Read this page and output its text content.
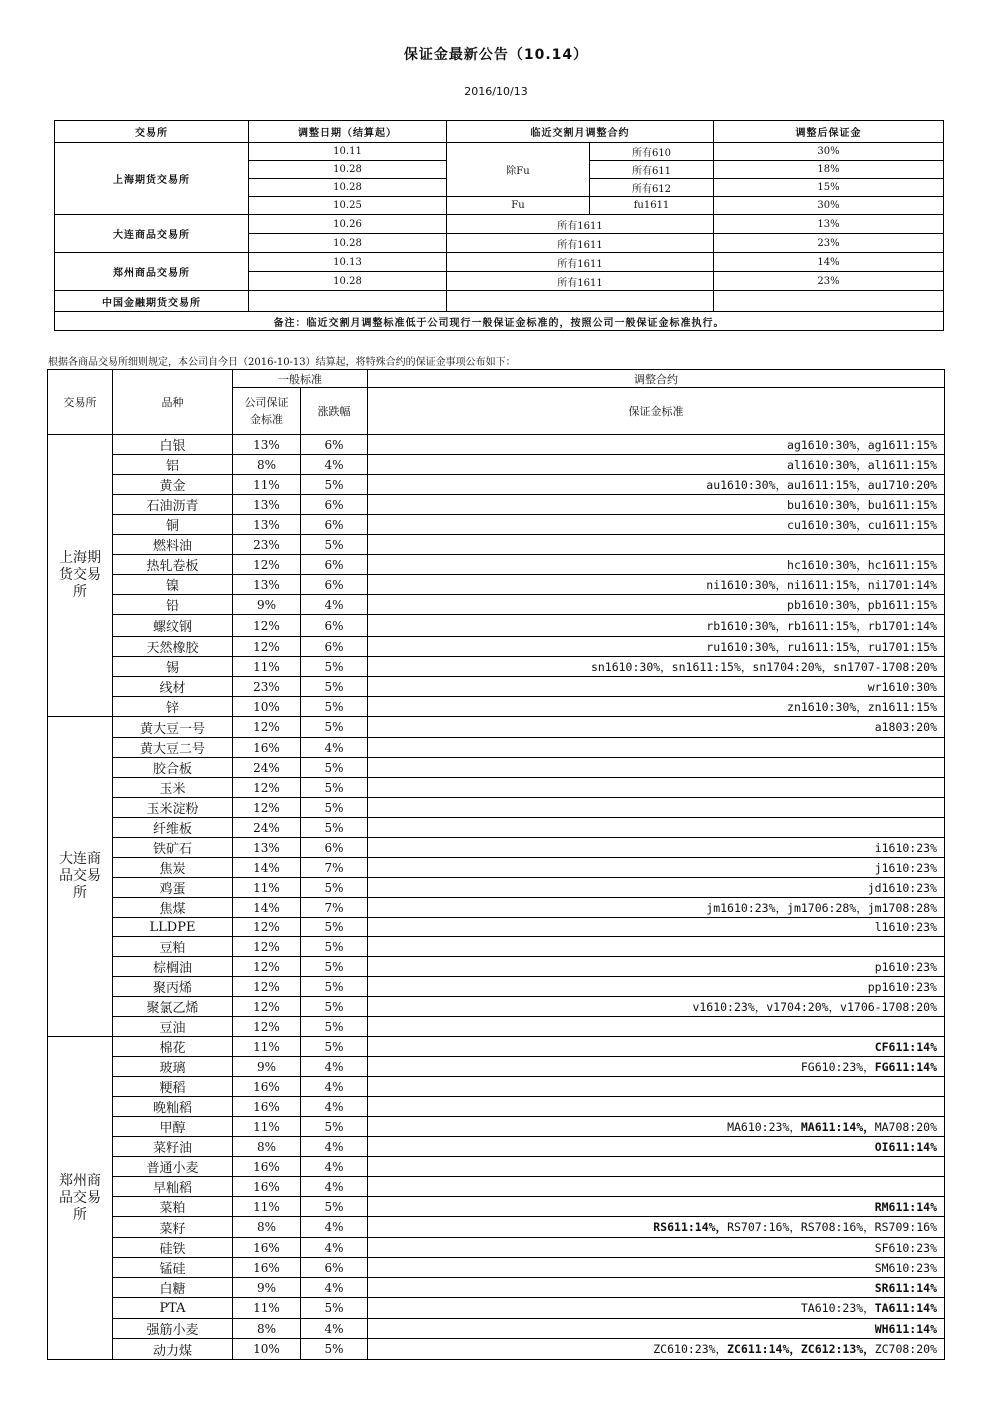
保证金最新公告（10.14）
2016/10/13
交易所	调整日期（结算起）	临近交割月调整合约		调整后保证金
上海期货交易所	10.11	除Fu	所有610	30%
	10.28		所有611	18%
	10.28		所有612	15%
	10.25	Fu	fu1611	30%
大连商品交易所	10.26	所有1611		13%
	10.28	所有1611		23%
郑州商品交易所	10.13	所有1611		14%
	10.28	所有1611		23%
中国金融期货交易所				
备注：临近交割月调整标准低于公司现行一般保证金标准的，按照公司一般保证金标准执行。				
根据各商品交易所细则规定，本公司自今日（2016-10-13）结算起，将特殊合约的保证金事项公布如下：
交易所	品种	一般标准		调整合约
		公司保证金标准	涨跌幅	保证金标准

上海期货交易所	白银	13%	6%	ag1610:30%，ag1611:15%
	铝	8%	4%	al1610:30%，al1611:15%
	黄金	11%	5%	au1610:30%，au1611:15%，au1710:20%
	石油沥青	13%	6%	bu1610:30%，bu1611:15%
	铜	13%	6%	cu1610:30%，cu1611:15%
	燃料油	23%	5%	
	热轧卷板	12%	6%	hc1610:30%，hc1611:15%
	镍	13%	6%	ni1610:30%，ni1611:15%，ni1701:14%
	铅	9%	4%	pb1610:30%，pb1611:15%
	螺纹钢	12%	6%	rb1610:30%，rb1611:15%，rb1701:14%
	天然橡胶	12%	6%	ru1610:30%，ru1611:15%，ru1701:15%
	锡	11%	5%	sn1610:30%，sn1611:15%，sn1704:20%，sn1707-1708:20%
	线材	23%	5%	wr1610:30%
	锌	10%	5%	zn1610:30%，zn1611:15%

大连商品交易所	黄大豆一号	12%	5%	a1803:20%
	黄大豆二号	16%	4%	
	胶合板	24%	5%	
	玉米	12%	5%	
	玉米淀粉	12%	5%	
	纤维板	24%	5%	
	铁矿石	13%	6%	i1610:23%
	焦炭	14%	7%	j1610:23%
	鸡蛋	11%	5%	jd1610:23%
	焦煤	14%	7%	jm1610:23%，jm1706:28%，jm1708:28%
	LLDPE	12%	5%	l1610:23%
	豆粕	12%	5%	
	棕榈油	12%	5%	p1610:23%
	聚丙烯	12%	5%	pp1610:23%
	聚氯乙烯	12%	5%	v1610:23%，v1704:20%，v1706-1708:20%
	豆油	12%	5%	

郑州商品交易所	棉花	11%	5%	CF611:14%
	玻璃	9%	4%	FG610:23%，FG611:14%
	粳稻	16%	4%	
	晚籼稻	16%	4%	
	甲醇	11%	5%	MA610:23%，MA611:14%，MA708:20%
	菜籽油	8%	4%	OI611:14%
	普通小麦	16%	4%	
	早籼稻	16%	4%	
	菜粕	11%	5%	RM611:14%
	菜籽	8%	4%	RS611:14%，RS707:16%，RS708:16%，RS709:16%
	硅铁	16%	4%	SF610:23%
	锰硅	16%	6%	SM610:23%
	白糖	9%	4%	SR611:14%
	PTA	11%	5%	TA610:23%，TA611:14%
	强筋小麦	8%	4%	WH611:14%
	动力煤	10%	5%	ZC610:23%，ZC611:14%，ZC612:13%，ZC708:20%
